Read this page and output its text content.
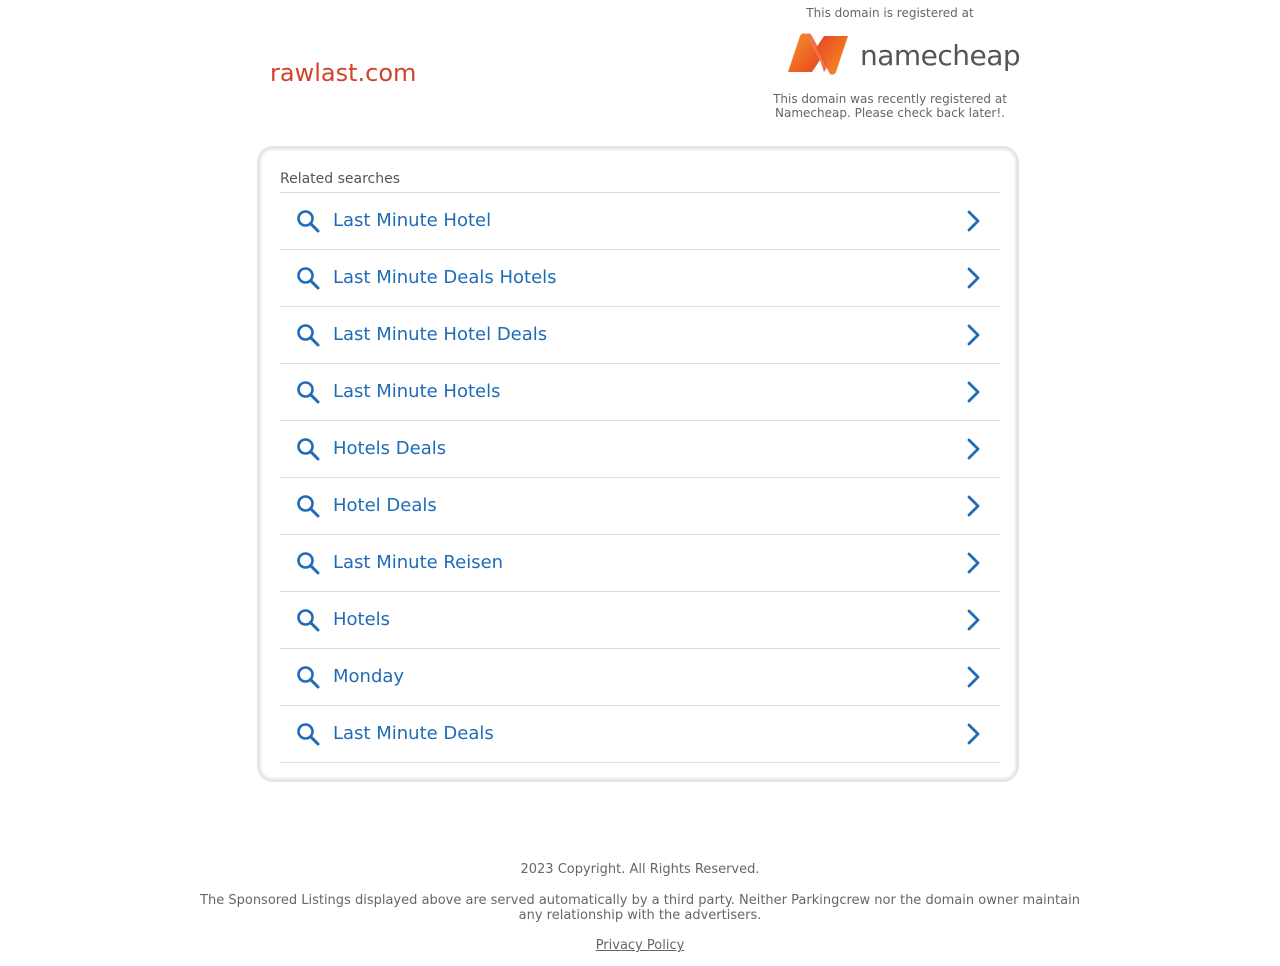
rawlast.com
This domain is registered at
namecheap
This domain was recently registered at Namecheap. Please check back later!.
Related searches
Last Minute Hotel
Last Minute Deals Hotels
Last Minute Hotel Deals
Last Minute Hotels
Hotels Deals
Hotel Deals
Last Minute Reisen
Hotels
Monday
Last Minute Deals
2023 Copyright. All Rights Reserved.
The Sponsored Listings displayed above are served automatically by a third party. Neither Parkingcrew nor the domain owner maintain any relationship with the advertisers.
Privacy Policy
